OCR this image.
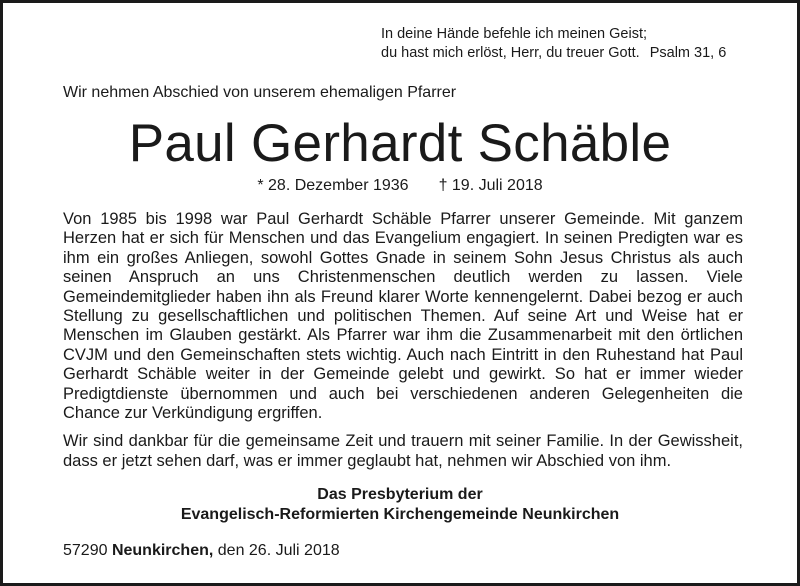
In deine Hände befehle ich meinen Geist;
du hast mich erlöst, Herr, du treuer Gott. Psalm 31, 6
Wir nehmen Abschied von unserem ehemaligen Pfarrer
Paul Gerhardt Schäble
* 28. Dezember 1936 † 19. Juli 2018

Von 1985 bis 1998 war Paul Gerhardt Schäble Pfarrer unserer Gemeinde. Mit ganzem Herzen hat er sich für Menschen und das Evangelium engagiert. In seinen Predigten war es ihm ein großes Anliegen, sowohl Gottes Gnade in seinem Sohn Jesus Christus als auch seinen Anspruch an uns Christenmenschen deutlich werden zu lassen. Viele Gemeindemitglieder haben ihn als Freund klarer Worte kennengelernt. Dabei bezog er auch Stellung zu gesellschaftlichen und politischen Themen. Auf seine Art und Weise hat er Menschen im Glauben gestärkt. Als Pfarrer war ihm die Zusammenarbeit mit den örtlichen CVJM und den Gemeinschaften stets wichtig. Auch nach Eintritt in den Ruhestand hat Paul Gerhardt Schäble weiter in der Gemeinde gelebt und gewirkt. So hat er immer wieder Predigtdienste übernommen und auch bei verschiedenen anderen Gelegenheiten die Chance zur Verkündigung ergriffen.

Wir sind dankbar für die gemeinsame Zeit und trauern mit seiner Familie. In der Gewissheit, dass er jetzt sehen darf, was er immer geglaubt hat, nehmen wir Abschied von ihm.

Das Presbyterium der
Evangelisch-Reformierten Kirchengemeinde Neunkirchen
57290 Neunkirchen, den 26. Juli 2018
